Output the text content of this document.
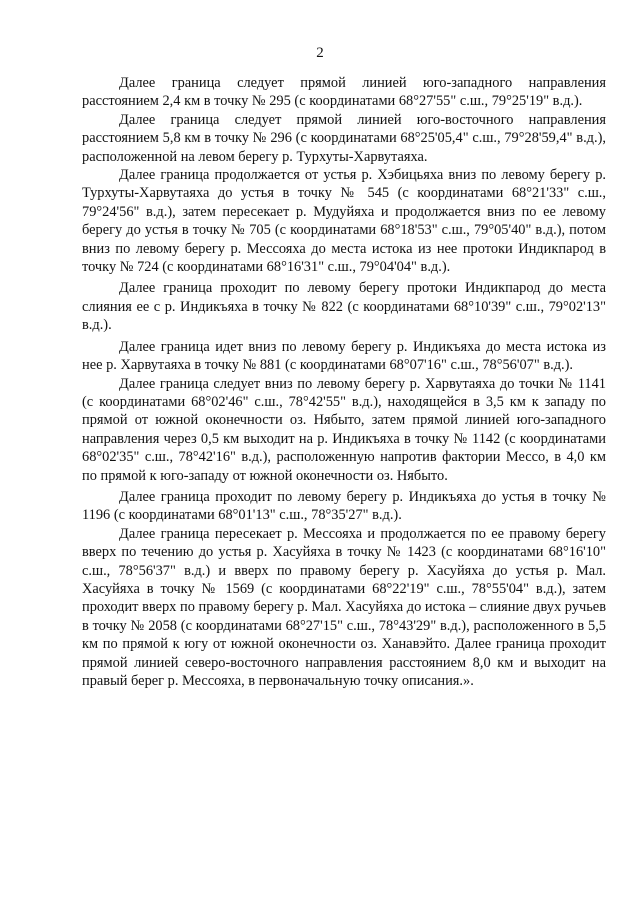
2

Далее граница следует прямой линией юго-западного направления расстоянием 2,4 км в точку № 295 (с координатами 68°27'55" с.ш., 79°25'19" в.д.).

Далее граница следует прямой линией юго-восточного направления расстоянием 5,8 км в точку № 296 (с координатами 68°25'05,4" с.ш., 79°28'59,4" в.д.), расположенной на левом берегу р. Турхуты-Харвутаяха.

Далее граница продолжается от устья р. Хэбицьяха вниз по левому берегу р. Турхуты-Харвутаяха до устья в точку № 545 (с координатами 68°21'33" с.ш., 79°24'56" в.д.), затем пересекает р. Мудуйяха и продолжается вниз по ее левому берегу до устья в точку № 705 (с координатами 68°18'53" с.ш., 79°05'40" в.д.), потом вниз по левому берегу р. Мессояха до места истока из нее протоки Индикпарод в точку № 724 (с координатами 68°16'31" с.ш., 79°04'04" в.д.).

Далее граница проходит по левому берегу протоки Индикпарод до места слияния ее с р. Индикъяха в точку № 822 (с координатами 68°10'39" с.ш., 79°02'13" в.д.).

Далее граница идет вниз по левому берегу р. Индикъяха до места истока из нее р. Харвутаяха в точку № 881 (с координатами 68°07'16" с.ш., 78°56'07" в.д.).

Далее граница следует вниз по левому берегу р. Харвутаяха до точки № 1141 (с координатами 68°02'46" с.ш., 78°42'55" в.д.), находящейся в 3,5 км к западу по прямой от южной оконечности оз. Нябыто, затем прямой линией юго-западного направления через 0,5 км выходит на р. Индикъяха в точку № 1142 (с координатами 68°02'35" с.ш., 78°42'16" в.д.), расположенную напротив фактории Мессо, в 4,0 км по прямой к юго-западу от южной оконечности оз. Нябыто.

Далее граница проходит по левому берегу р. Индикъяха до устья в точку № 1196 (с координатами 68°01'13" с.ш., 78°35'27" в.д.).

Далее граница пересекает р. Мессояха и продолжается по ее правому берегу вверх по течению до устья р. Хасуйяха в точку № 1423 (с координатами 68°16'10" с.ш., 78°56'37" в.д.) и вверх по правому берегу р. Хасуйяха до устья р. Мал. Хасуйяха в точку № 1569 (с координатами 68°22'19" с.ш., 78°55'04" в.д.), затем проходит вверх по правому берегу р. Мал. Хасуйяха до истока – слияние двух ручьев в точку № 2058 (с координатами 68°27'15" с.ш., 78°43'29" в.д.), расположенного в 5,5 км по прямой к югу от южной оконечности оз. Ханавэйто. Далее граница проходит прямой линией северо-восточного направления расстоянием 8,0 км и выходит на правый берег р. Мессояха, в первоначальную точку описания.».
